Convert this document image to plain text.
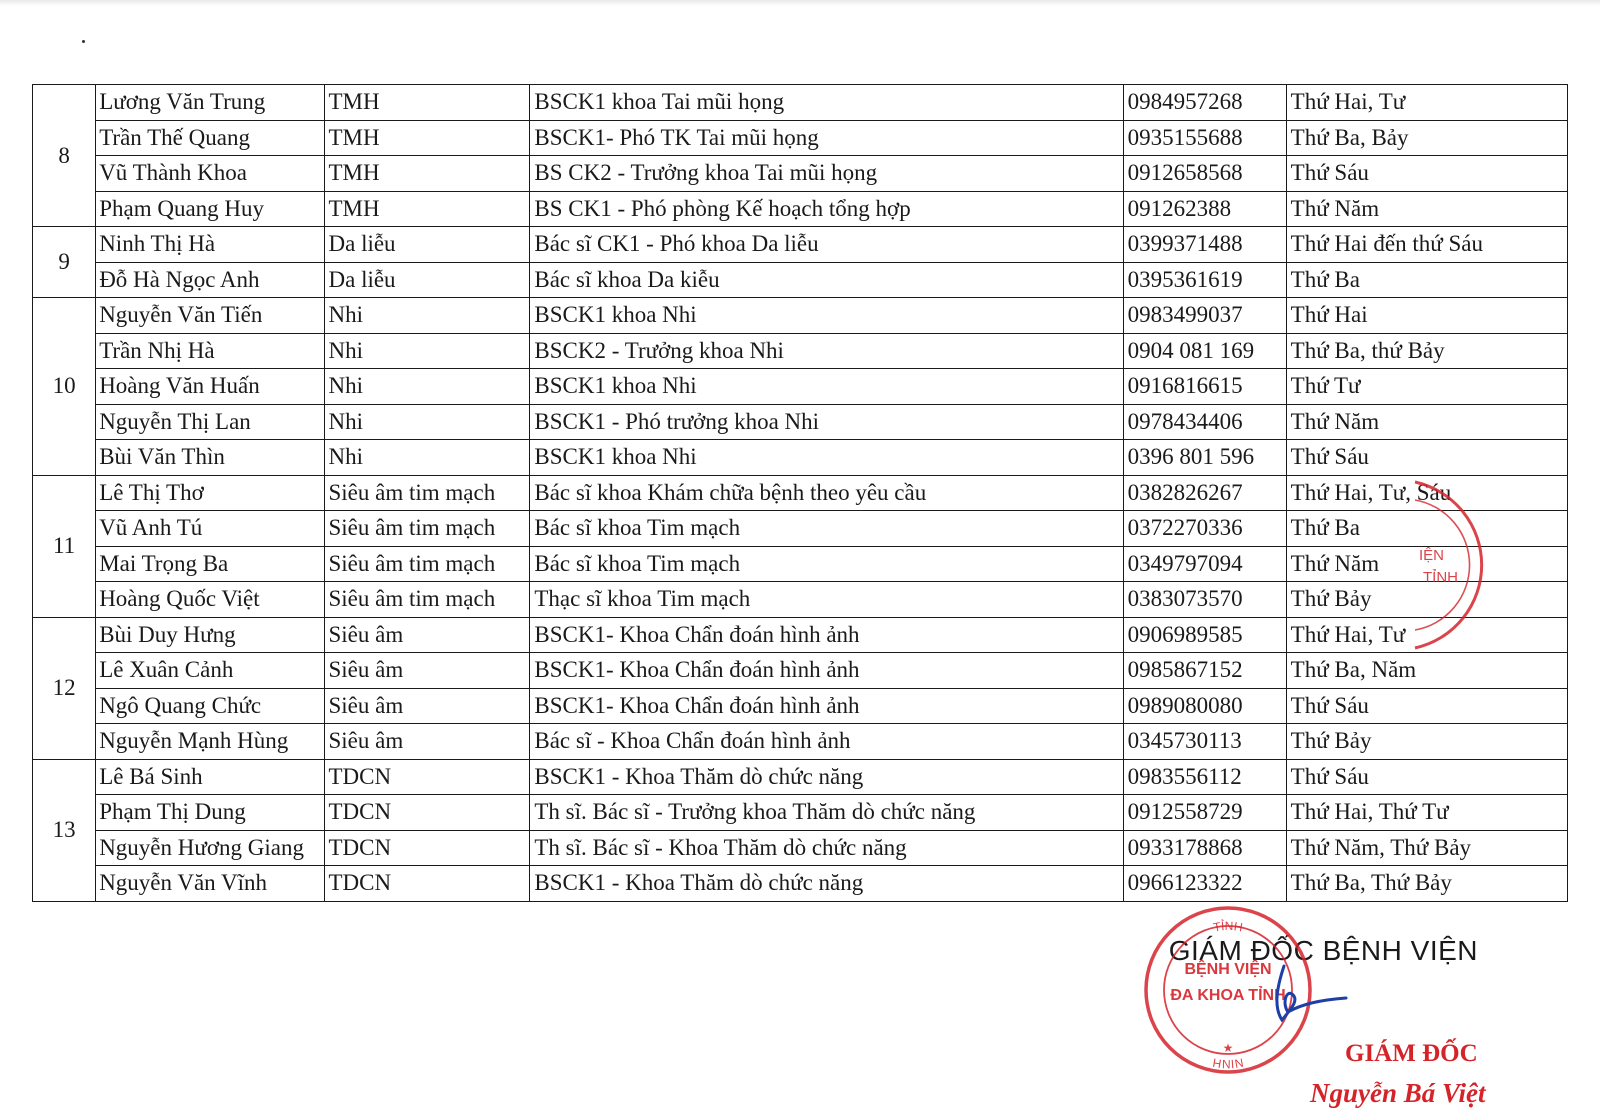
8	Lương Văn Trung	TMH	BSCK1 khoa Tai mũi họng	0984957268	Thứ Hai, Tư
	Trần Thế Quang	TMH	BSCK1- Phó TK Tai mũi họng	0935155688	Thứ Ba, Bảy
	Vũ Thành Khoa	TMH	BS CK2 - Trưởng khoa Tai mũi họng	0912658568	Thứ Sáu
	Phạm Quang Huy	TMH	BS CK1 - Phó phòng Kế hoạch tổng hợp	091262388	Thứ Năm
9	Ninh Thị Hà	Da liễu	Bác sĩ CK1 - Phó khoa Da liễu	0399371488	Thứ Hai đến thứ Sáu
	Đỗ Hà Ngọc Anh	Da liễu	Bác sĩ khoa Da kiễu	0395361619	Thứ Ba
10	Nguyễn Văn Tiến	Nhi	BSCK1 khoa Nhi	0983499037	Thứ Hai
	Trần Nhị Hà	Nhi	BSCK2 - Trưởng khoa Nhi	0904 081 169	Thứ Ba, thứ Bảy
	Hoàng Văn Huấn	Nhi	BSCK1 khoa Nhi	0916816615	Thứ Tư
	Nguyễn Thị Lan	Nhi	BSCK1 - Phó trưởng khoa Nhi	0978434406	Thứ Năm
	Bùi Văn Thìn	Nhi	BSCK1 khoa Nhi	0396 801 596	Thứ Sáu
11	Lê Thị Thơ	Siêu âm tim mạch	Bác sĩ khoa Khám chữa bệnh theo yêu cầu	0382826267	Thứ Hai, Tư, Sáu
	Vũ Anh Tú	Siêu âm tim mạch	Bác sĩ khoa Tim mạch	0372270336	Thứ Ba
	Mai Trọng Ba	Siêu âm tim mạch	Bác sĩ khoa Tim mạch	0349797094	Thứ Năm
	Hoàng Quốc Việt	Siêu âm tim mạch	Thạc sĩ khoa Tim mạch	0383073570	Thứ Bảy
12	Bùi Duy Hưng	Siêu âm	BSCK1- Khoa Chẩn đoán hình ảnh	0906989585	Thứ Hai, Tư
	Lê Xuân Cảnh	Siêu âm	BSCK1- Khoa Chẩn đoán hình ảnh	0985867152	Thứ Ba, Năm
	Ngô Quang Chức	Siêu âm	BSCK1- Khoa Chẩn đoán hình ảnh	0989080080	Thứ Sáu
	Nguyễn Mạnh Hùng	Siêu âm	Bác sĩ - Khoa Chẩn đoán hình ảnh	0345730113	Thứ Bảy
13	Lê Bá Sinh	TDCN	BSCK1 - Khoa Thăm dò chức năng	0983556112	Thứ Sáu
	Phạm Thị Dung	TDCN	Th sĩ. Bác sĩ - Trưởng khoa Thăm dò chức năng	0912558729	Thứ Hai, Thứ Tư
	Nguyễn Hương Giang	TDCN	Th sĩ. Bác sĩ - Khoa Thăm dò chức năng	0933178868	Thứ Năm, Thứ Bảy
	Nguyễn Văn Vĩnh	TDCN	BSCK1 - Khoa Thăm dò chức năng	0966123322	Thứ Ba, Thứ Bảy
IỆN
TỈNH
GIÁM ĐỐC BỆNH VIỆN
TỈNH
NINH
BỆNH VIỆN
ĐA KHOA TỈNH
★	GIÁM ĐỐC
Nguyễn Bá Việt
